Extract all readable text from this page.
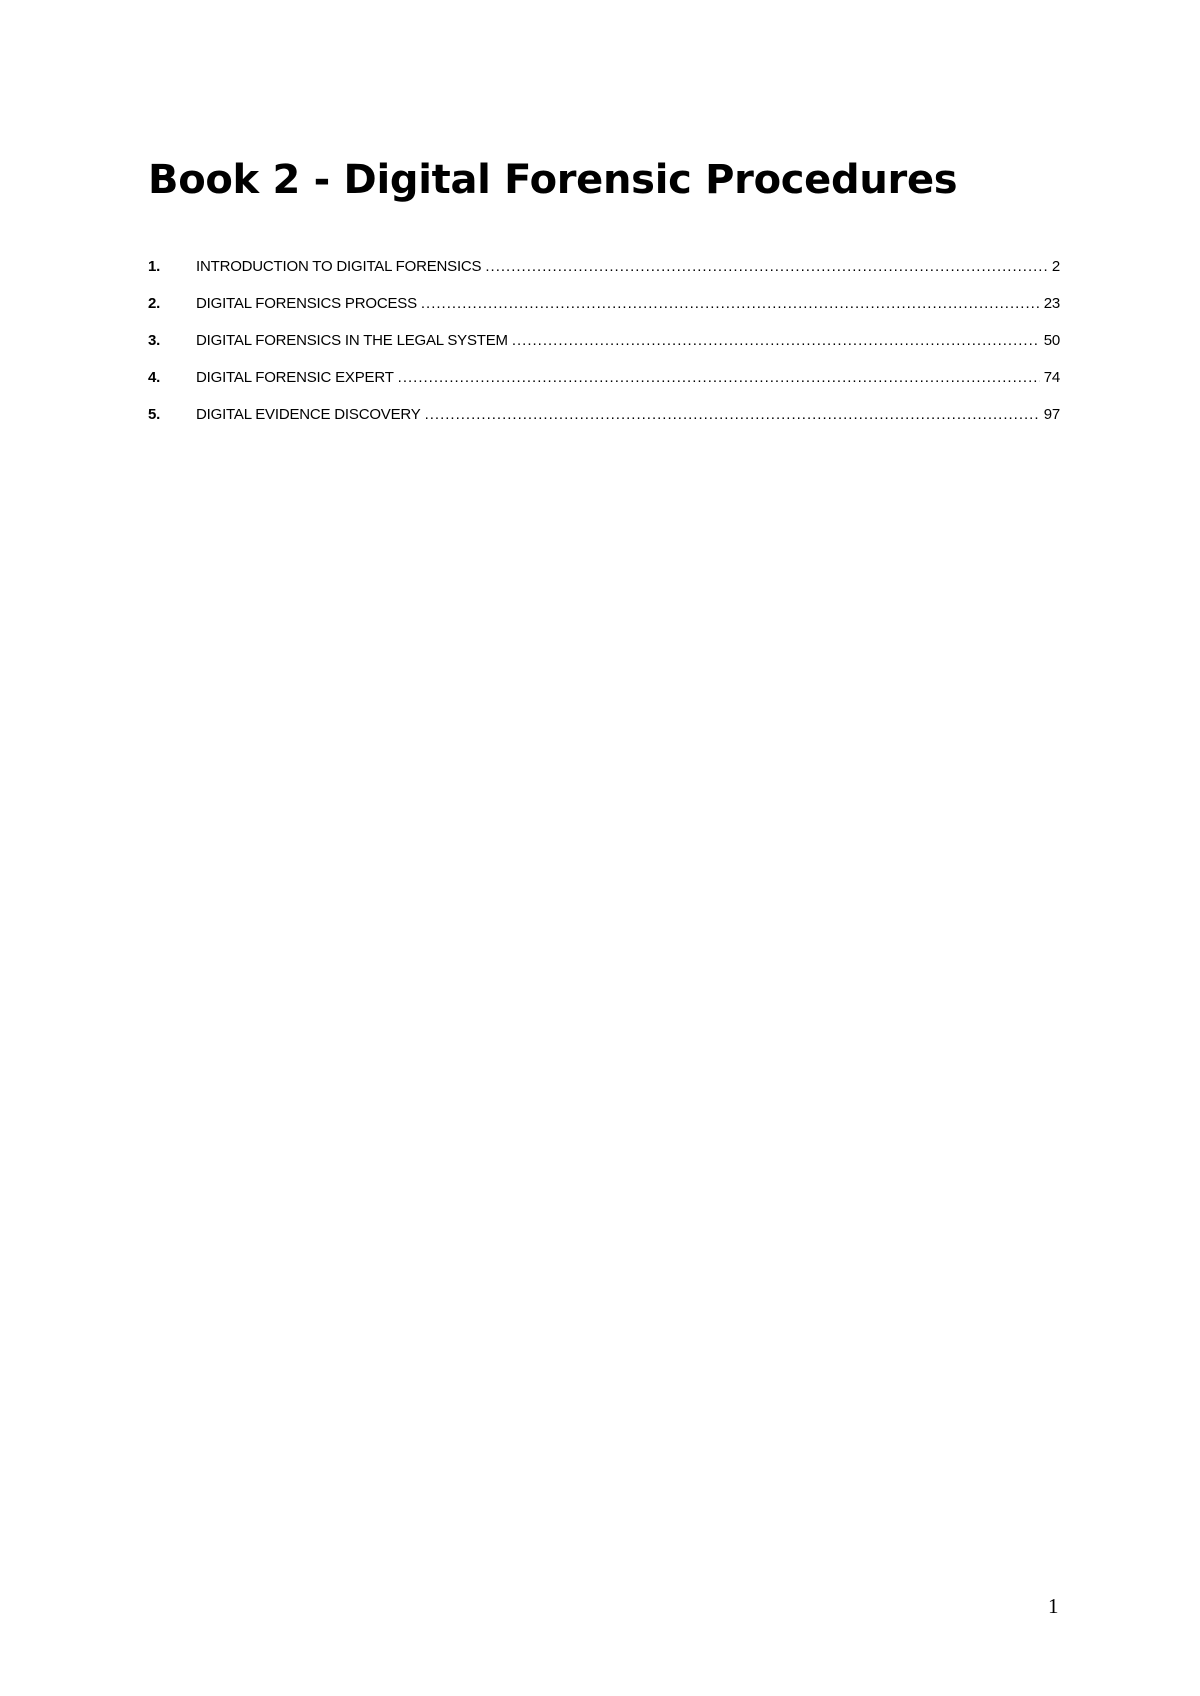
Book 2 - Digital Forensic Procedures
1.	INTRODUCTION TO DIGITAL FORENSICS .....	2
2.	DIGITAL FORENSICS PROCESS .....	23
3.	DIGITAL FORENSICS IN THE LEGAL SYSTEM .....	50
4.	DIGITAL FORENSIC EXPERT .....	74
5.	DIGITAL EVIDENCE DISCOVERY .....	97
1
